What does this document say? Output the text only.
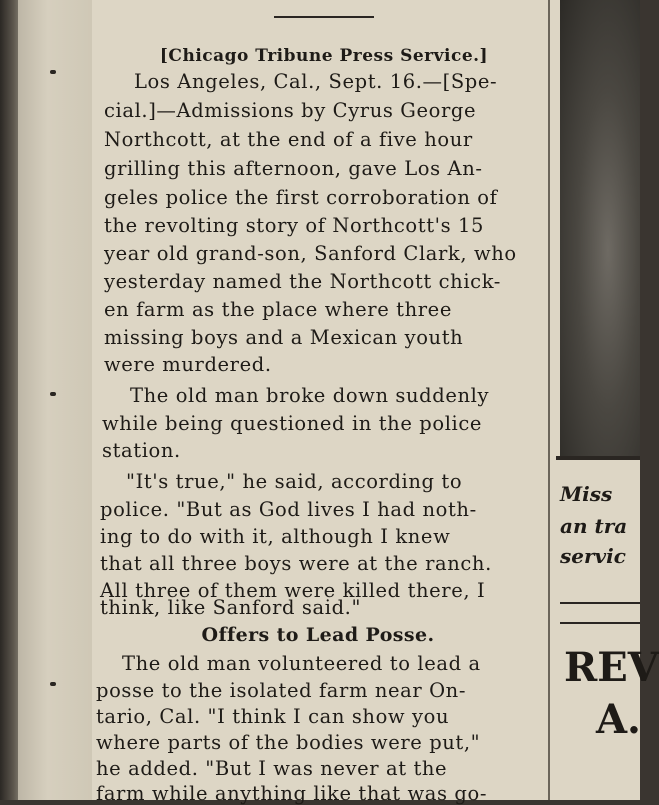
[Chicago Tribune Press Service.]
Los Angeles, Cal., Sept. 16.—[Spe-
cial.]—Admissions by Cyrus George
Northcott, at the end of a five hour
grilling this afternoon, gave Los An-
geles police the first corroboration of
the revolting story of Northcott's 15
year old grand-son, Sanford Clark, who
yesterday named the Northcott chick-
en farm as the place where three
missing boys and a Mexican youth
were murdered.
The old man broke down suddenly
while being questioned in the police
station.
"It's true," he said, according to
police. "But as God lives I had noth-
ing to do with it, although I knew
that all three boys were at the ranch.
All three of them were killed there, I
think, like Sanford said."
Offers to Lead Posse.
The old man volunteered to lead a
posse to the isolated farm near On-
tario, Cal. "I think I can show you
where parts of the bodies were put,"
he added. "But I was never at the
farm while anything like that was go-
Miss
an tra
servic
REV
A.
